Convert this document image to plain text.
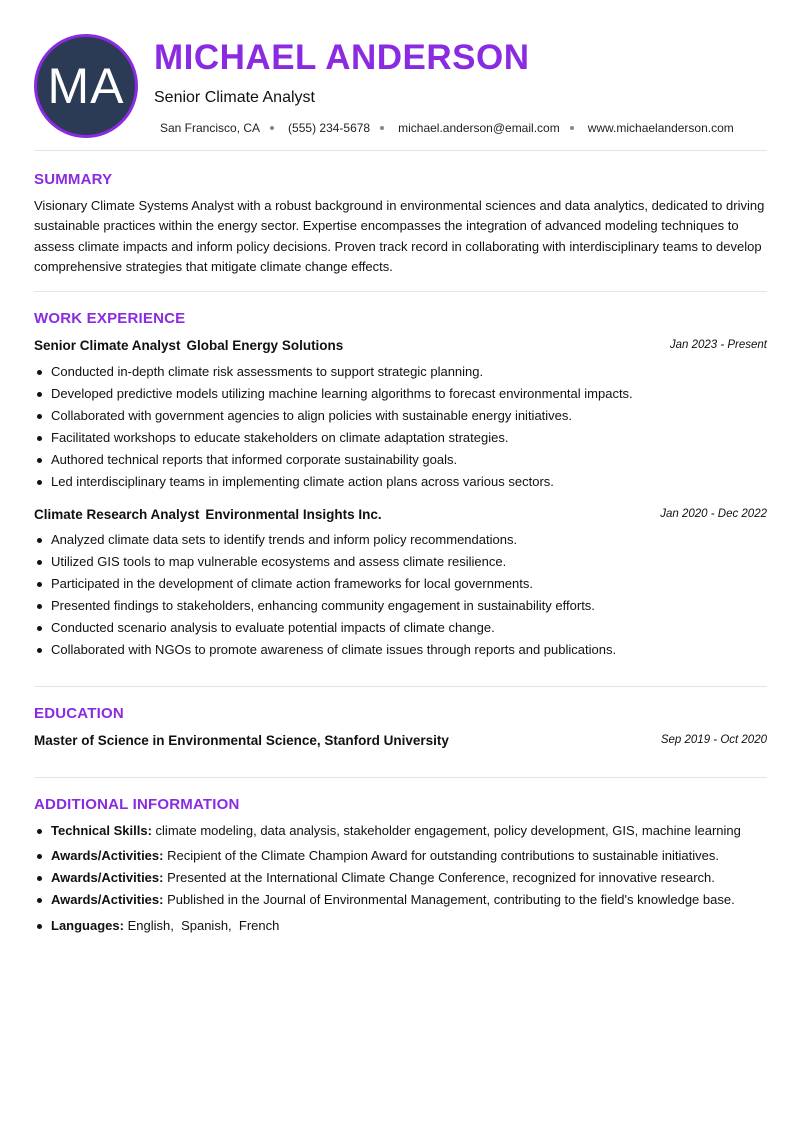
MA
MICHAEL ANDERSON
Senior Climate Analyst
San Francisco, CA (555) 234-5678 michael.anderson@email.com www.michaelanderson.com
SUMMARY
Visionary Climate Systems Analyst with a robust background in environmental sciences and data analytics, dedicated to driving sustainable practices within the energy sector. Expertise encompasses the integration of advanced modeling techniques to assess climate impacts and inform policy decisions. Proven track record in collaborating with interdisciplinary teams to develop comprehensive strategies that mitigate climate change effects.
WORK EXPERIENCE
Senior Climate Analyst Global Energy Solutions	Jan 2023 - Present
Conducted in-depth climate risk assessments to support strategic planning.
Developed predictive models utilizing machine learning algorithms to forecast environmental impacts.
Collaborated with government agencies to align policies with sustainable energy initiatives.
Facilitated workshops to educate stakeholders on climate adaptation strategies.
Authored technical reports that informed corporate sustainability goals.
Led interdisciplinary teams in implementing climate action plans across various sectors.
Climate Research Analyst Environmental Insights Inc.	Jan 2020 - Dec 2022
Analyzed climate data sets to identify trends and inform policy recommendations.
Utilized GIS tools to map vulnerable ecosystems and assess climate resilience.
Participated in the development of climate action frameworks for local governments.
Presented findings to stakeholders, enhancing community engagement in sustainability efforts.
Conducted scenario analysis to evaluate potential impacts of climate change.
Collaborated with NGOs to promote awareness of climate issues through reports and publications.
EDUCATION
Master of Science in Environmental Science, Stanford University	Sep 2019 - Oct 2020
ADDITIONAL INFORMATION
Technical Skills: climate modeling, data analysis, stakeholder engagement, policy development, GIS, machine learning
Awards/Activities: Recipient of the Climate Champion Award for outstanding contributions to sustainable initiatives.
Awards/Activities: Presented at the International Climate Change Conference, recognized for innovative research.
Awards/Activities: Published in the Journal of Environmental Management, contributing to the field's knowledge base.
Languages: English,  Spanish,  French
